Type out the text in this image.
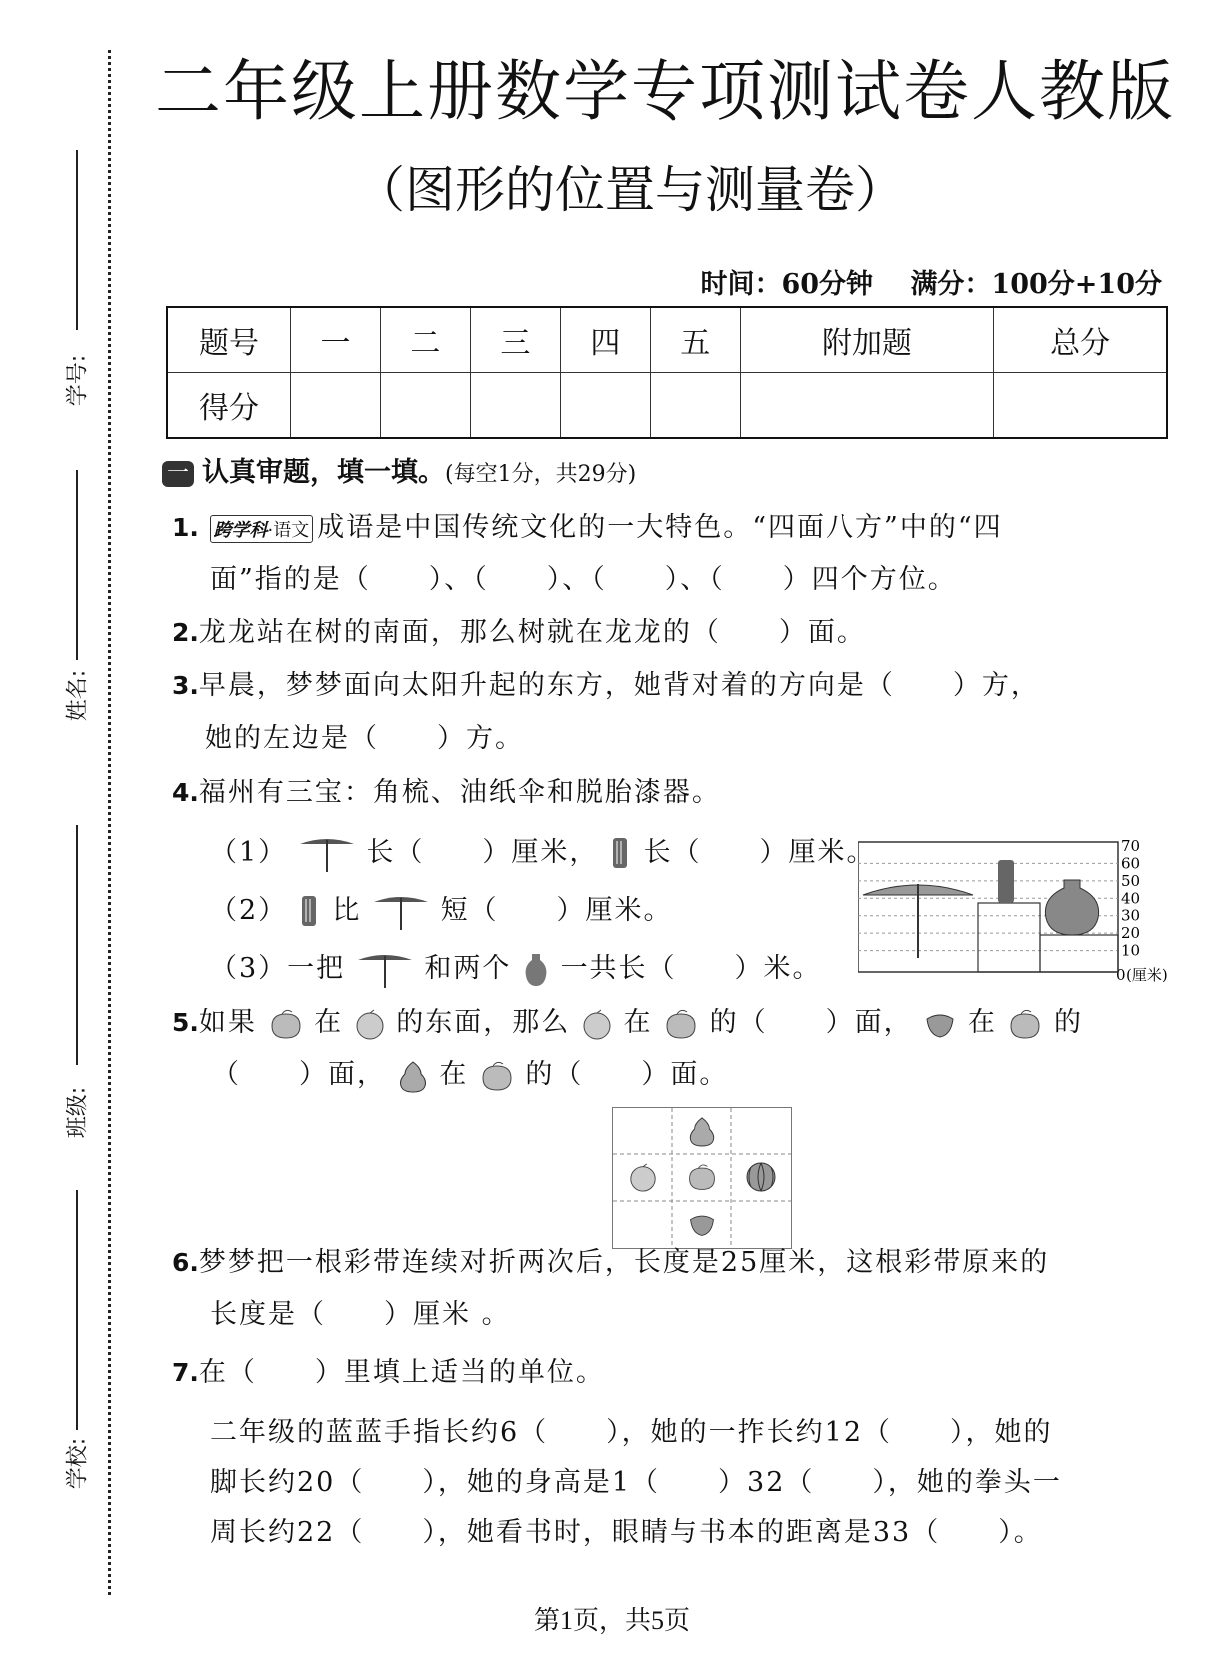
学号:
姓名:
班级:
学校:
二年级上册数学专项测试卷人教版
（图形的位置与测量卷）
时间：60分钟 满分：100分+10分
题号	一	二	三	四	五	附加题	总分
得分							
一 认真审题，填一填。(每空1分，共29分)
1. 跨学科·语文 成语是中国传统文化的一大特色。“四面八方”中的“四
面”指的是（　　）、（　　）、（　　）、（　　）四个方位。
2.龙龙站在树的南面，那么树就在龙龙的（　　）面。
3.早晨，梦梦面向太阳升起的东方，她背对着的方向是（　　）方，
她的左边是（　　）方。
4.福州有三宝：角梳、油纸伞和脱胎漆器。
（1）	长（　　）厘米， 长（　　）厘米。
（2） 比	短（　　）厘米。
（3）一把	和两个 一共长（　　）米。
70
60
50
40
30
20
10
0 (厘米)
5.如果 在 的东面，那么 在 的（　　）面， 在 的
（　　）面， 在 的（　　）面。
6.梦梦把一根彩带连续对折两次后，长度是25厘米，这根彩带原来的
长度是（　　）厘米 。
7.在（　　）里填上适当的单位。
二年级的蓝蓝手指长约6（　　），她的一拃长约12（　　），她的
脚长约20（　　），她的身高是1（　　）32（　　），她的拳头一
周长约22（　　），她看书时，眼睛与书本的距离是33（　　）。
第1页，共5页
